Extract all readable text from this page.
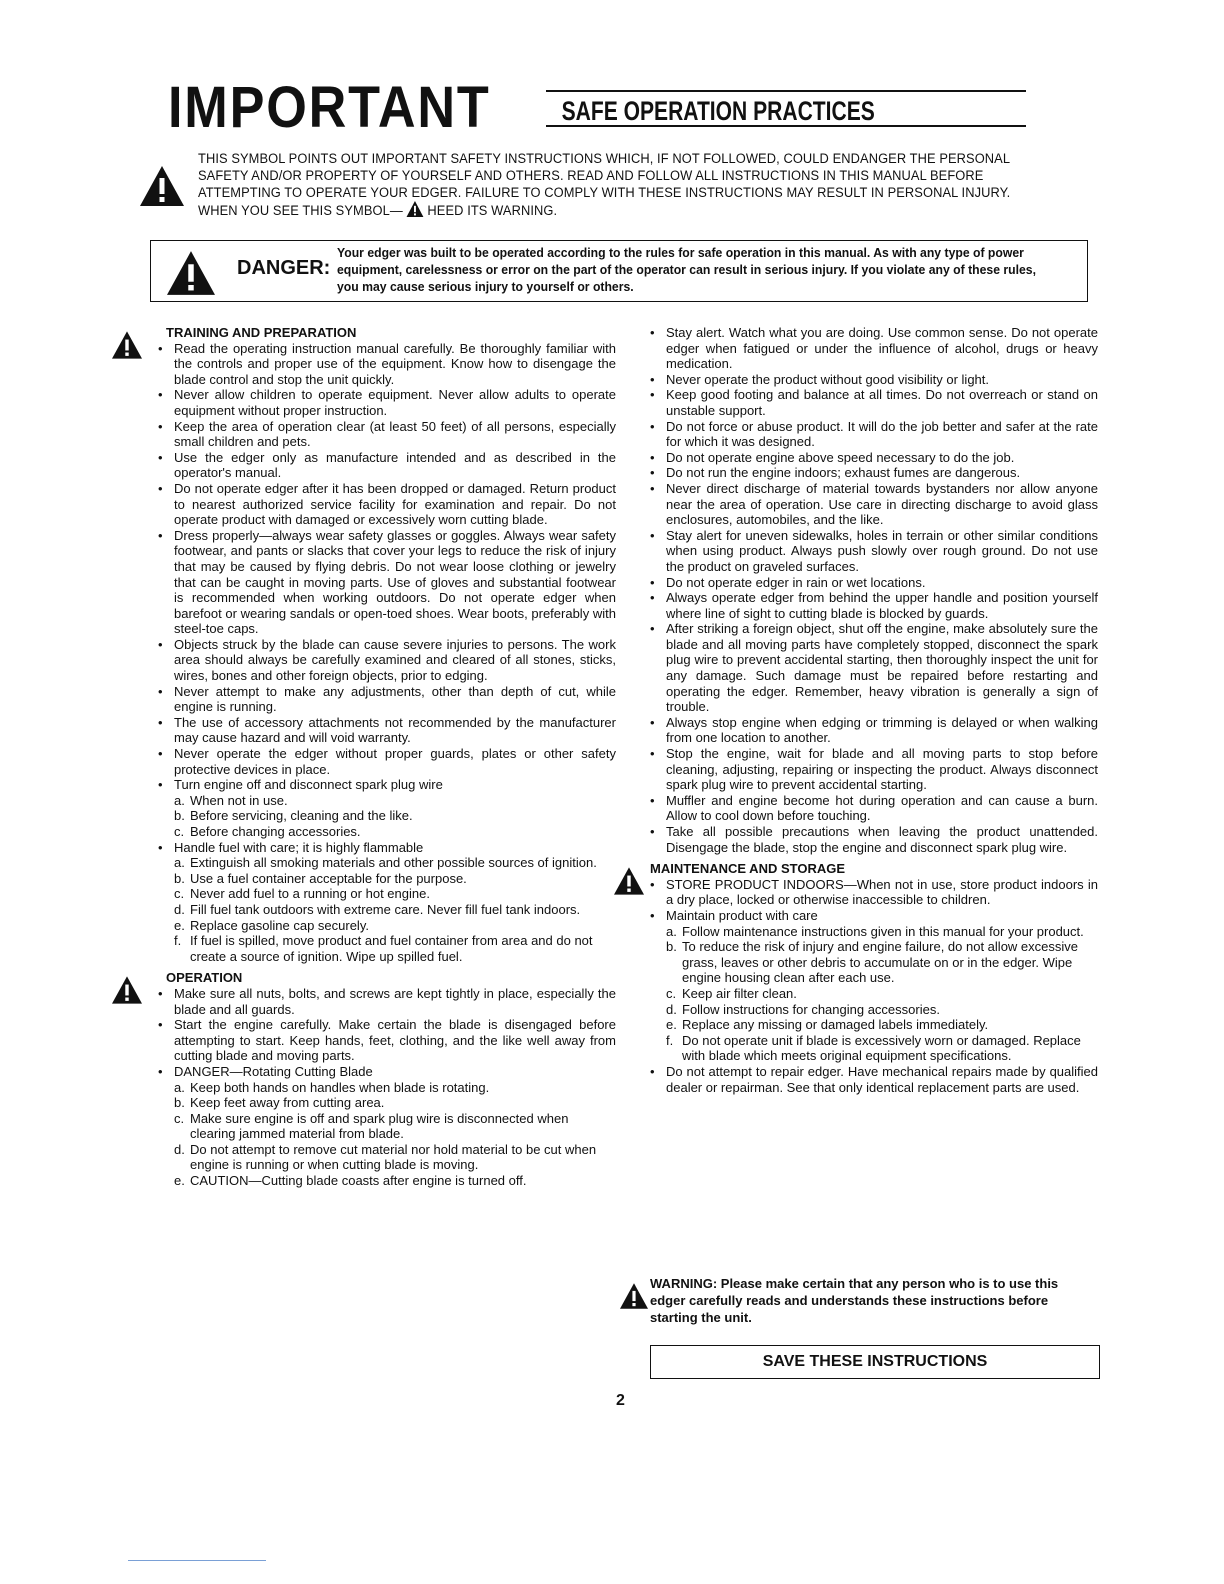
IMPORTANT	SAFE OPERATION PRACTICES
THIS SYMBOL POINTS OUT IMPORTANT SAFETY INSTRUCTIONS WHICH, IF NOT FOLLOWED, COULD ENDANGER THE PERSONAL SAFETY AND/OR PROPERTY OF YOURSELF AND OTHERS. READ AND FOLLOW ALL INSTRUCTIONS IN THIS MANUAL BEFORE ATTEMPTING TO OPERATE YOUR EDGER. FAILURE TO COMPLY WITH THESE INSTRUCTIONS MAY RESULT IN PERSONAL INJURY.
WHEN YOU SEE THIS SYMBOL— HEED ITS WARNING.
DANGER:
Your edger was built to be operated according to the rules for safe operation in this manual. As with any type of power equipment, carelessness or error on the part of the operator can result in serious injury. If you violate any of these rules, you may cause serious injury to yourself or others.
TRAINING AND PREPARATION
• Read the operating instruction manual carefully. Be thoroughly familiar with the controls and proper use of the equipment. Know how to disengage the blade control and stop the unit quickly.
• Never allow children to operate equipment. Never allow adults to operate equipment without proper instruction.
• Keep the area of operation clear (at least 50 feet) of all persons, especially small children and pets.
• Use the edger only as manufacture intended and as described in the operator's manual.
• Do not operate edger after it has been dropped or damaged. Return product to nearest authorized service facility for examination and repair. Do not operate product with damaged or excessively worn cutting blade.
• Dress properly—always wear safety glasses or goggles. Always wear safety footwear, and pants or slacks that cover your legs to reduce the risk of injury that may be caused by flying debris. Do not wear loose clothing or jewelry that can be caught in moving parts. Use of gloves and substantial footwear is recommended when working outdoors. Do not operate edger when barefoot or wearing sandals or open-toed shoes. Wear boots, preferably with steel-toe caps.
• Objects struck by the blade can cause severe injuries to persons. The work area should always be carefully examined and cleared of all stones, sticks, wires, bones and other foreign objects, prior to edging.
• Never attempt to make any adjustments, other than depth of cut, while engine is running.
• The use of accessory attachments not recommended by the manufacturer may cause hazard and will void warranty.
• Never operate the edger without proper guards, plates or other safety protective devices in place.
• Turn engine off and disconnect spark plug wire
a. When not in use.
b. Before servicing, cleaning and the like.
c. Before changing accessories.
• Handle fuel with care; it is highly flammable
a. Extinguish all smoking materials and other possible sources of ignition.
b. Use a fuel container acceptable for the purpose.
c. Never add fuel to a running or hot engine.
d. Fill fuel tank outdoors with extreme care. Never fill fuel tank indoors.
e. Replace gasoline cap securely.
f. If fuel is spilled, move product and fuel container from area and do not create a source of ignition. Wipe up spilled fuel.
OPERATION
• Make sure all nuts, bolts, and screws are kept tightly in place, especially the blade and all guards.
• Start the engine carefully. Make certain the blade is disengaged before attempting to start. Keep hands, feet, clothing, and the like well away from cutting blade and moving parts.
• DANGER—Rotating Cutting Blade
a. Keep both hands on handles when blade is rotating.
b. Keep feet away from cutting area.
c. Make sure engine is off and spark plug wire is disconnected when clearing jammed material from blade.
d. Do not attempt to remove cut material nor hold material to be cut when engine is running or when cutting blade is moving.
e. CAUTION—Cutting blade coasts after engine is turned off.
• Stay alert. Watch what you are doing. Use common sense. Do not operate edger when fatigued or under the influence of alcohol, drugs or heavy medication.
• Never operate the product without good visibility or light.
• Keep good footing and balance at all times. Do not overreach or stand on unstable support.
• Do not force or abuse product. It will do the job better and safer at the rate for which it was designed.
• Do not operate engine above speed necessary to do the job.
• Do not run the engine indoors; exhaust fumes are dangerous.
• Never direct discharge of material towards bystanders nor allow anyone near the area of operation. Use care in directing discharge to avoid glass enclosures, automobiles, and the like.
• Stay alert for uneven sidewalks, holes in terrain or other similar conditions when using product. Always push slowly over rough ground. Do not use the product on graveled surfaces.
• Do not operate edger in rain or wet locations.
• Always operate edger from behind the upper handle and position yourself where line of sight to cutting blade is blocked by guards.
• After striking a foreign object, shut off the engine, make absolutely sure the blade and all moving parts have completely stopped, disconnect the spark plug wire to prevent accidental starting, then thoroughly inspect the unit for any damage. Such damage must be repaired before restarting and operating the edger. Remember, heavy vibration is generally a sign of trouble.
• Always stop engine when edging or trimming is delayed or when walking from one location to another.
• Stop the engine, wait for blade and all moving parts to stop before cleaning, adjusting, repairing or inspecting the product. Always disconnect spark plug wire to prevent accidental starting.
• Muffler and engine become hot during operation and can cause a burn. Allow to cool down before touching.
• Take all possible precautions when leaving the product unattended. Disengage the blade, stop the engine and disconnect spark plug wire.
MAINTENANCE AND STORAGE
• STORE PRODUCT INDOORS—When not in use, store product indoors in a dry place, locked or otherwise inaccessible to children.
• Maintain product with care
a. Follow maintenance instructions given in this manual for your product.
b. To reduce the risk of injury and engine failure, do not allow excessive grass, leaves or other debris to accumulate on or in the edger. Wipe engine housing clean after each use.
c. Keep air filter clean.
d. Follow instructions for changing accessories.
e. Replace any missing or damaged labels immediately.
f. Do not operate unit if blade is excessively worn or damaged. Replace with blade which meets original equipment specifications.
• Do not attempt to repair edger. Have mechanical repairs made by qualified dealer or repairman. See that only identical replacement parts are used.
WARNING: Please make certain that any person who is to use this edger carefully reads and understands these instructions before starting the unit.
SAVE THESE INSTRUCTIONS
2
